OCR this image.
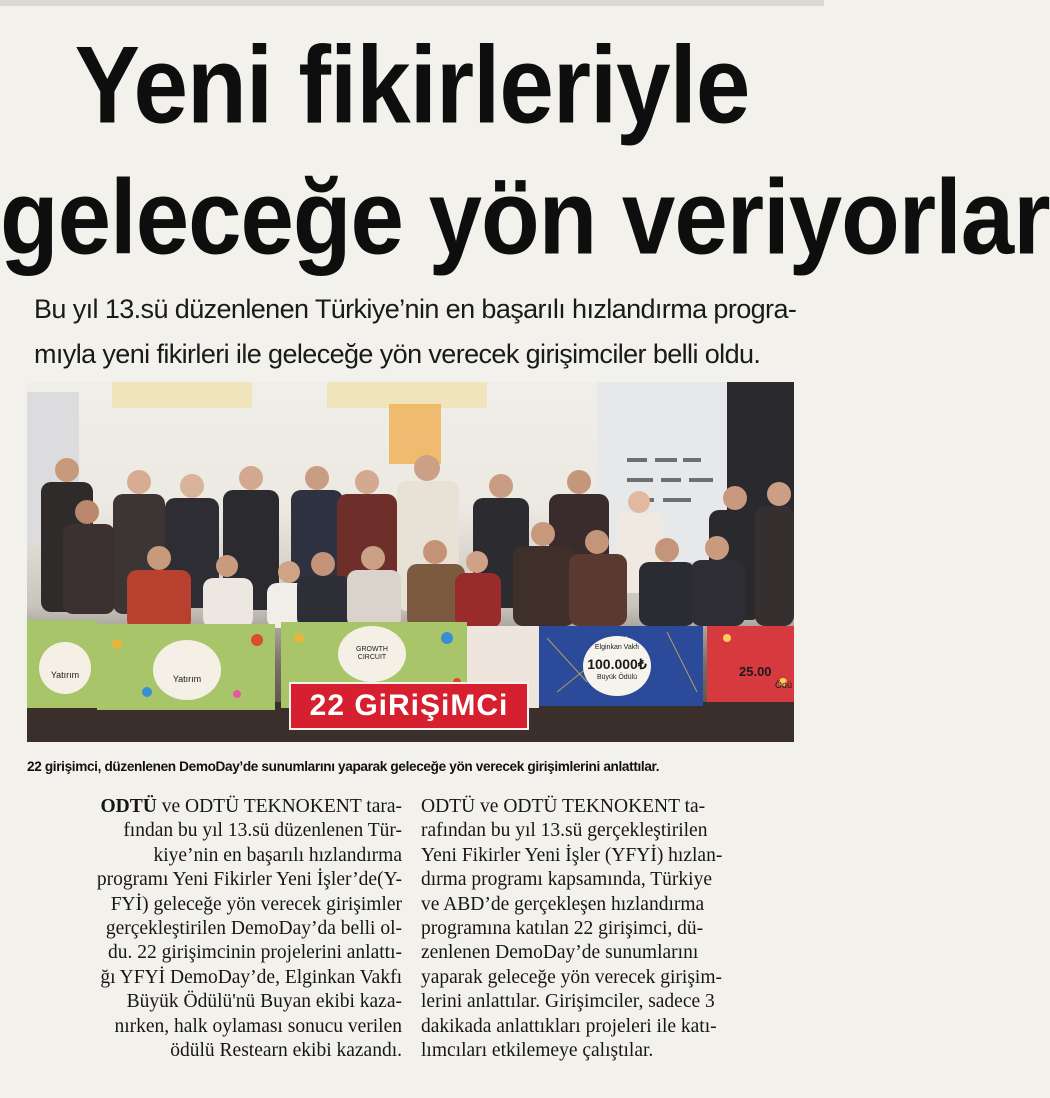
Yeni fikirleriyle
geleceğe yön veriyorlar
Bu yıl 13.sü düzenlenen Türkiye’nin en başarılı hızlandırma progra-
mıyla yeni fikirleri ile geleceğe yön verecek girişimciler belli oldu.
Yatırım	Yatırım
GROWTH
CIRCUIT
Elginkan Vakfı
100.000₺
Büyük Ödülü	25.00
Ödü
22 GiRiŞiMCi
22 girişimci, düzenlenen DemoDay’de sunumlarını yaparak geleceğe yön verecek girişimlerini anlattılar.
ODTÜ ve ODTÜ TEKNOKENT tara-
fından bu yıl 13.sü düzenlenen Tür-
kiye’nin en başarılı hızlandırma
programı Yeni Fikirler Yeni İşler’de(Y-
FYİ) geleceğe yön verecek girişimler
gerçekleştirilen DemoDay’da belli ol-
du. 22 girişimcinin projelerini anlattı-
ğı YFYİ DemoDay’de, Elginkan Vakfı
Büyük Ödülü'nü Buyan ekibi kaza-
nırken, halk oylaması sonucu verilen
ödülü Restearn ekibi kazandı.
ODTÜ ve ODTÜ TEKNOKENT ta-
rafından bu yıl 13.sü gerçekleştirilen
Yeni Fikirler Yeni İşler (YFYİ) hızlan-
dırma programı kapsamında, Türkiye
ve ABD’de gerçekleşen hızlandırma
programına katılan 22 girişimci, dü-
zenlenen DemoDay’de sunumlarını
yaparak geleceğe yön verecek girişim-
lerini anlattılar. Girişimciler, sadece 3
dakikada anlattıkları projeleri ile katı-
lımcıları etkilemeye çalıştılar.
